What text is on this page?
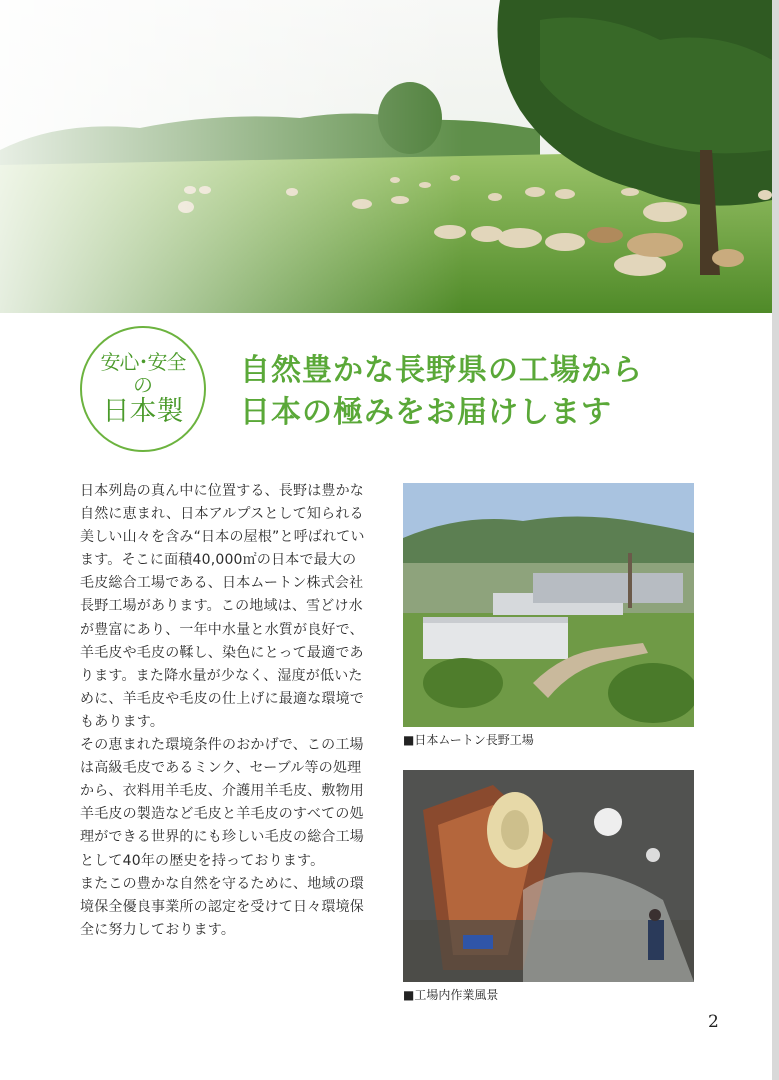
安心･安全
の
日本製
自然豊かな長野県の工場から
日本の極みをお届けします

日本列島の真ん中に位置する、長野は豊かな自然に恵まれ、日本アルプスとして知られる美しい山々を含み“日本の屋根”と呼ばれています。そこに面積40,000㎡の日本で最大の毛皮総合工場である、日本ムートン株式会社長野工場があります。この地域は、雪どけ水が豊富にあり、一年中水量と水質が良好で、羊毛皮や毛皮の鞣し、染色にとって最適であります。また降水量が少なく、湿度が低いために、羊毛皮や毛皮の仕上げに最適な環境でもあります。

その恵まれた環境条件のおかげで、この工場は高級毛皮であるミンク、セーブル等の処理から、衣料用羊毛皮、介護用羊毛皮、敷物用羊毛皮の製造など毛皮と羊毛皮のすべての処理ができる世界的にも珍しい毛皮の総合工場として40年の歴史を持っております。

またこの豊かな自然を守るために、地域の環境保全優良事業所の認定を受けて日々環境保全に努力しております。

■日本ムートン長野工場
■工場内作業風景
2
